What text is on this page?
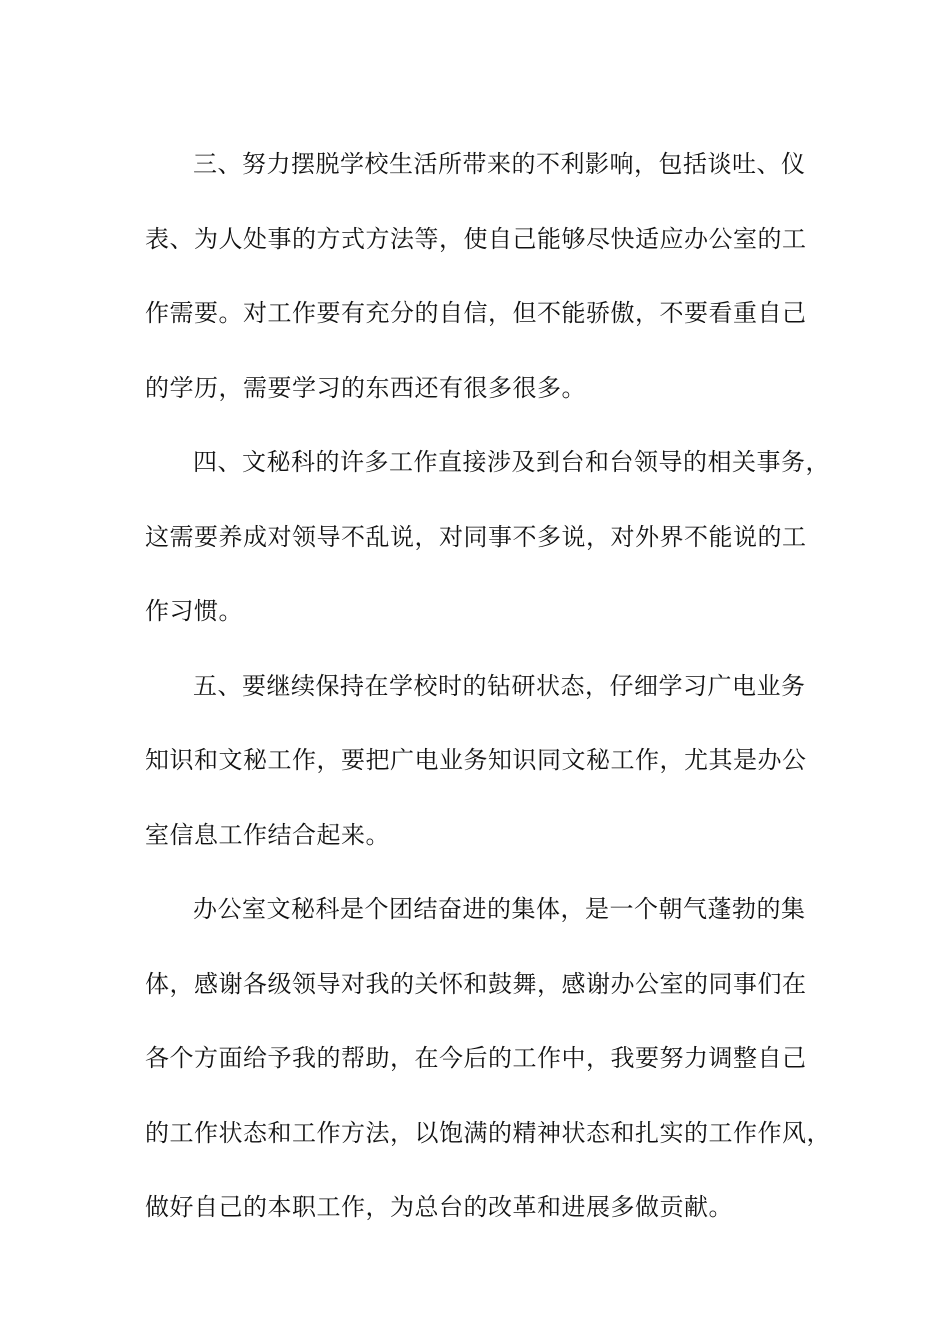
三、努力摆脱学校生活所带来的不利影响，包括谈吐、仪
表、为人处事的方式方法等，使自己能够尽快适应办公室的工
作需要。对工作要有充分的自信，但不能骄傲，不要看重自己
的学历，需要学习的东西还有很多很多。

四、文秘科的许多工作直接涉及到台和台领导的相关事务，
这需要养成对领导不乱说，对同事不多说，对外界不能说的工
作习惯。

五、要继续保持在学校时的钻研状态，仔细学习广电业务
知识和文秘工作，要把广电业务知识同文秘工作，尤其是办公
室信息工作结合起来。

办公室文秘科是个团结奋进的集体，是一个朝气蓬勃的集
体，感谢各级领导对我的关怀和鼓舞，感谢办公室的同事们在
各个方面给予我的帮助，在今后的工作中，我要努力调整自己
的工作状态和工作方法，以饱满的精神状态和扎实的工作作风，
做好自己的本职工作，为总台的改革和进展多做贡献。
